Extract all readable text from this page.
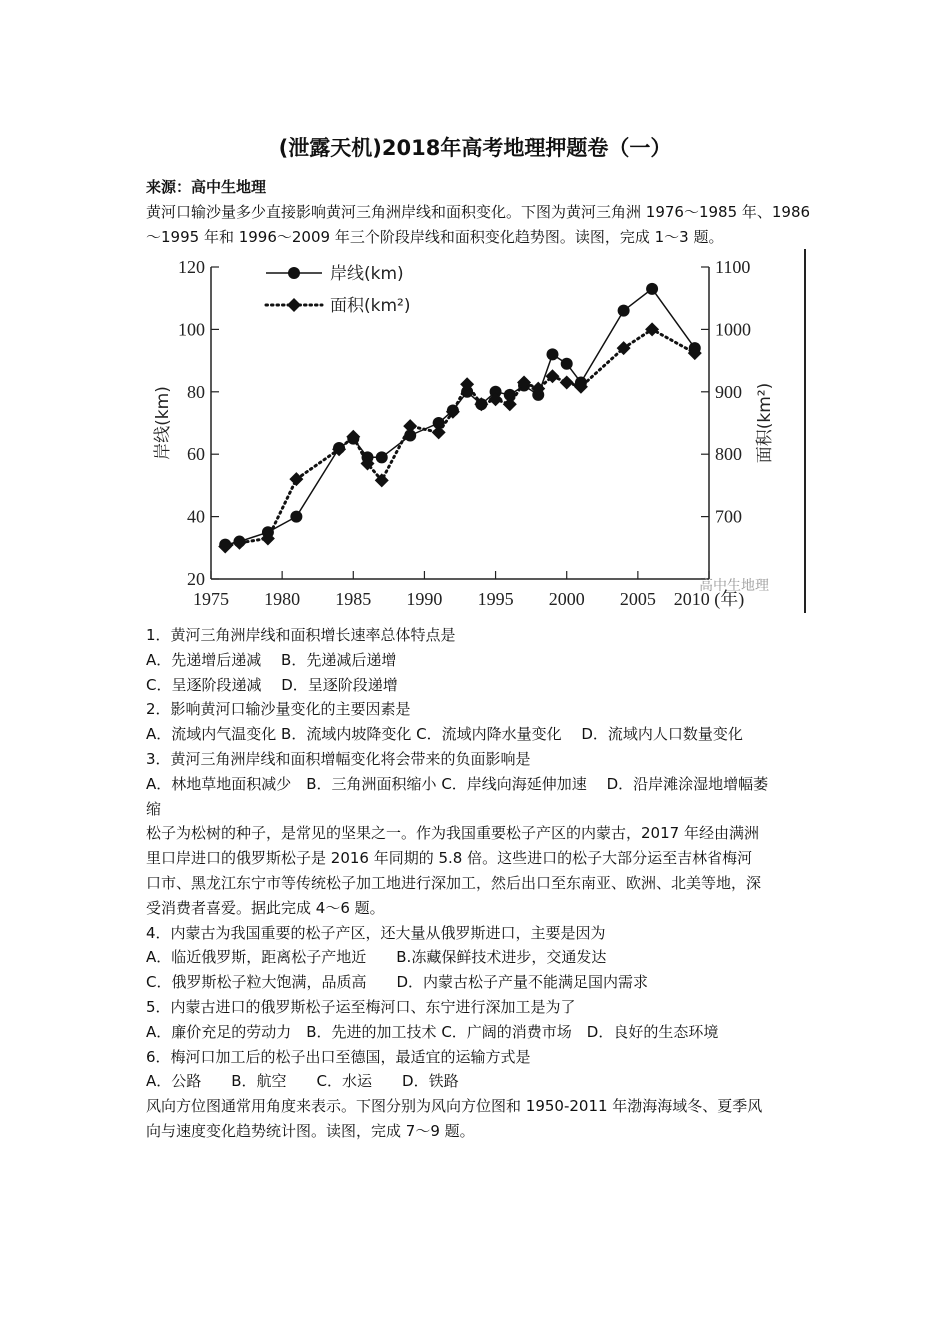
(泄露天机)2018年高考地理押题卷（一）

来源：高中生地理

黄河口输沙量多少直接影响黄河三角洲岸线和面积变化。下图为黄河三角洲 1976～1985 年、1986～1995 年和 1996～2009 年三个阶段岸线和面积变化趋势图。读图，完成 1～3 题。

20
40
60
80
100
120
700
800
900
1000
1100
1975 1980 1985 1990 1995 2000 2005 2010 (年)
岸线(km)	面积(km²)
高中生地理
岸线(km)
面积(km²)

1．黄河三角洲岸线和面积增长速率总体特点是

A．先递增后递减　 B．先递减后递增

C．呈逐阶段递减　 D．呈逐阶段递增

2．影响黄河口输沙量变化的主要因素是

A．流域内气温变化 B．流域内坡降变化 C．流域内降水量变化　 D．流域内人口数量变化

3．黄河三角洲岸线和面积增幅变化将会带来的负面影响是

A．林地草地面积减少　B．三角洲面积缩小 C．岸线向海延伸加速　 D．沿岸滩涂湿地增幅萎

缩

松子为松树的种子，是常见的坚果之一。作为我国重要松子产区的内蒙古，2017 年经由满洲

里口岸进口的俄罗斯松子是 2016 年同期的 5.8 倍。这些进口的松子大部分运至吉林省梅河

口市、黑龙江东宁市等传统松子加工地进行深加工，然后出口至东南亚、欧洲、北美等地，深

受消费者喜爱。据此完成 4～6 题。

4．内蒙古为我国重要的松子产区，还大量从俄罗斯进口，主要是因为

A．临近俄罗斯，距离松子产地近　　B.冻藏保鲜技术进步，交通发达

C．俄罗斯松子粒大饱满，品质高　　D．内蒙古松子产量不能满足国内需求

5．内蒙古进口的俄罗斯松子运至梅河口、东宁进行深加工是为了

A．廉价充足的劳动力　B．先进的加工技术 C．广阔的消费市场　D．良好的生态环境

6．梅河口加工后的松子出口至德国，最适宜的运输方式是

A．公路　　B．航空　　C．水运　　D．铁路

风向方位图通常用角度来表示。下图分别为风向方位图和 1950-2011 年渤海海域冬、夏季风

向与速度变化趋势统计图。读图，完成 7～9 题。
